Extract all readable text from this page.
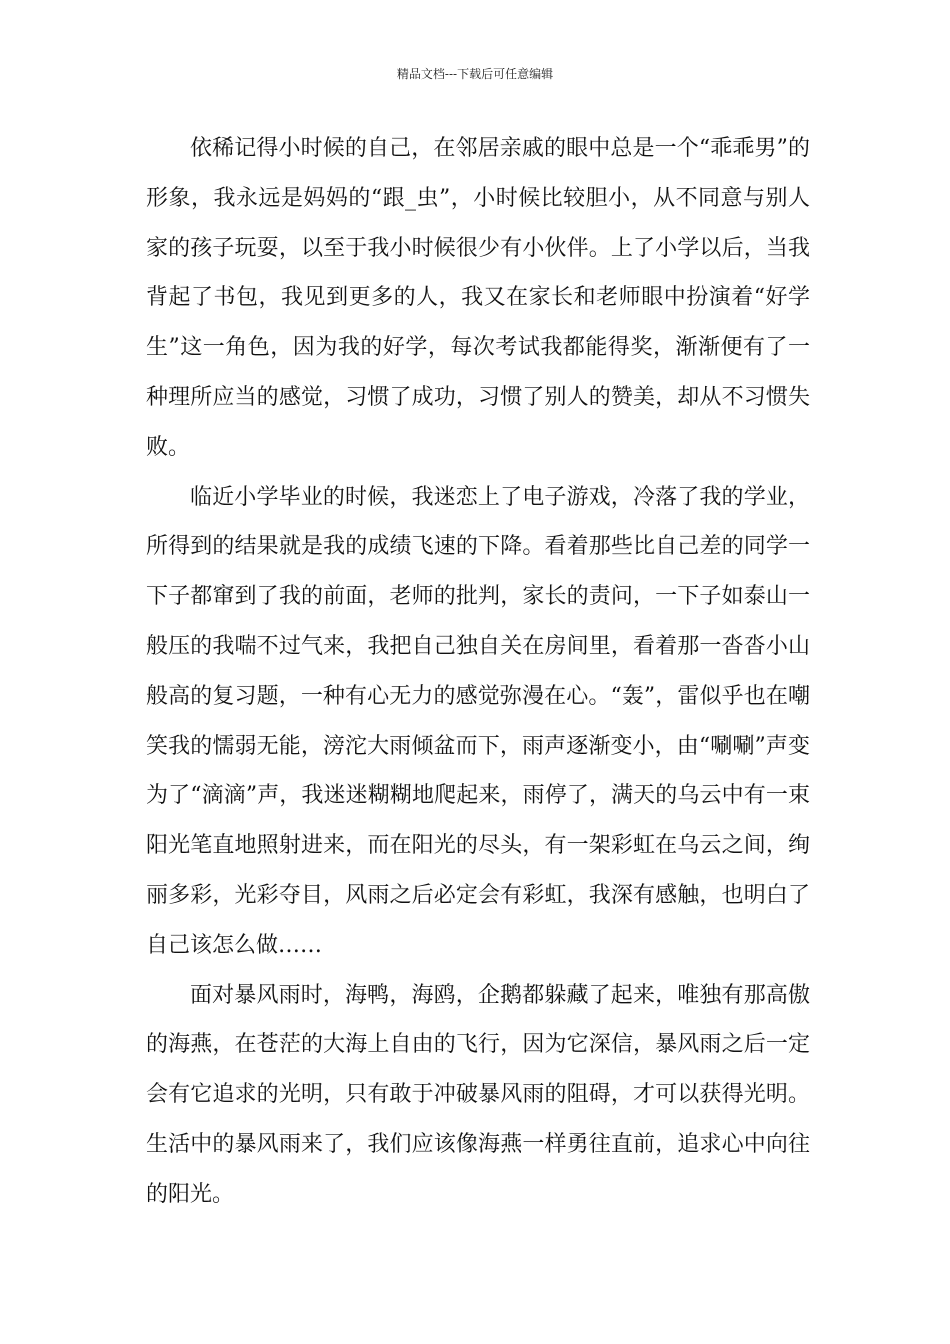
精品文档---下载后可任意编辑

依稀记得小时候的自己，在邻居亲戚的眼中总是一个“乖乖男”的形象，我永远是妈妈的“跟_虫”，小时候比较胆小，从不同意与别人家的孩子玩耍，以至于我小时候很少有小伙伴。上了小学以后，当我背起了书包，我见到更多的人，我又在家长和老师眼中扮演着“好学生”这一角色，因为我的好学，每次考试我都能得奖，渐渐便有了一种理所应当的感觉，习惯了成功，习惯了别人的赞美，却从不习惯失败。

临近小学毕业的时候，我迷恋上了电子游戏，冷落了我的学业，所得到的结果就是我的成绩飞速的下降。看着那些比自己差的同学一下子都窜到了我的前面，老师的批判，家长的责问，一下子如泰山一般压的我喘不过气来，我把自己独自关在房间里，看着那一沓沓小山般高的复习题，一种有心无力的感觉弥漫在心。“轰”，雷似乎也在嘲笑我的懦弱无能，滂沱大雨倾盆而下，雨声逐渐变小，由“唰唰”声变为了“滴滴”声，我迷迷糊糊地爬起来，雨停了，满天的乌云中有一束阳光笔直地照射进来，而在阳光的尽头，有一架彩虹在乌云之间，绚丽多彩，光彩夺目，风雨之后必定会有彩虹，我深有感触，也明白了自己该怎么做……

面对暴风雨时，海鸭，海鸥，企鹅都躲藏了起来，唯独有那高傲的海燕，在苍茫的大海上自由的飞行，因为它深信，暴风雨之后一定会有它追求的光明，只有敢于冲破暴风雨的阻碍，才可以获得光明。生活中的暴风雨来了，我们应该像海燕一样勇往直前，追求心中向往的阳光。
